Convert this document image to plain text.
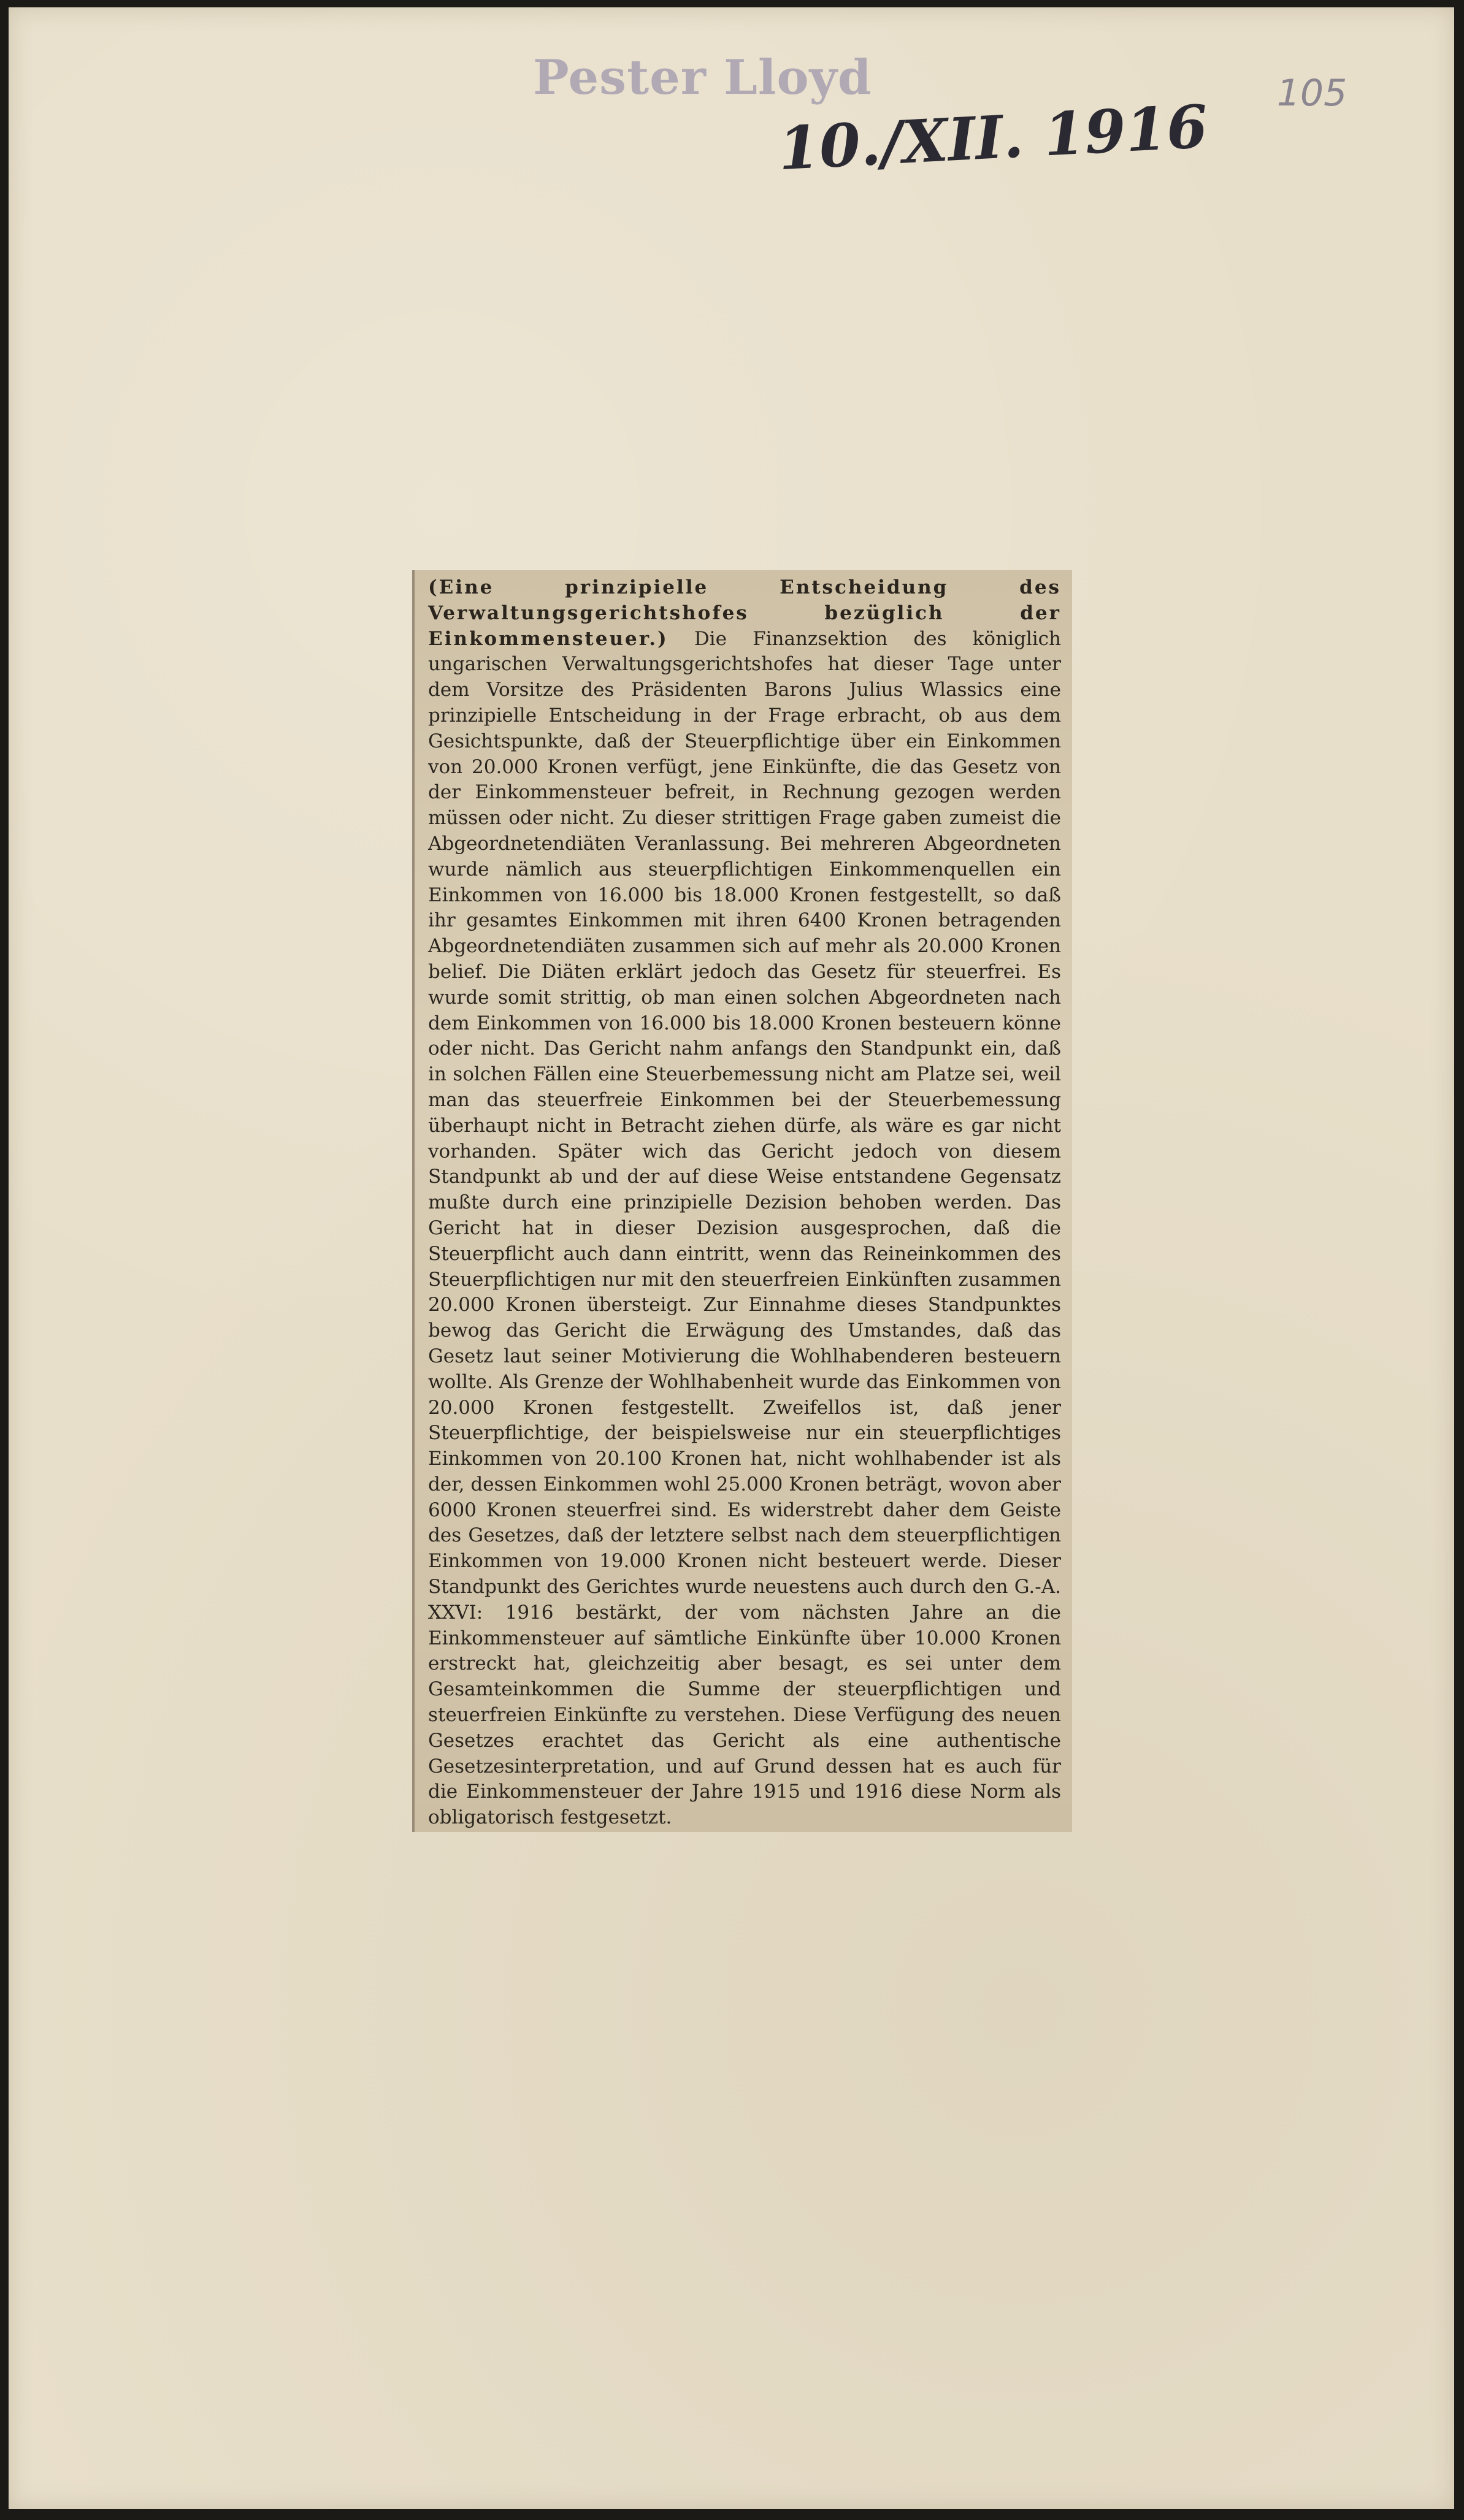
Pester Lloyd
10./XII. 1916	105

(Eine prinzipielle Entscheidung des Verwaltungsgerichtshofes bezüglich der Einkommensteuer.) Die Finanzsektion des königlich ungarischen Verwaltungsgerichtshofes hat dieser Tage unter dem Vorsitze des Präsidenten Barons Julius Wlassics eine prinzipielle Entscheidung in der Frage erbracht, ob aus dem Gesichtspunkte, daß der Steuerpflichtige über ein Einkommen von 20.000 Kronen verfügt, jene Einkünfte, die das Gesetz von der Einkommensteuer befreit, in Rechnung gezogen werden müssen oder nicht. Zu dieser strittigen Frage gaben zumeist die Abgeordnetendiäten Veranlassung. Bei mehreren Abgeordneten wurde nämlich aus steuerpflichtigen Einkommenquellen ein Einkommen von 16.000 bis 18.000 Kronen festgestellt, so daß ihr gesamtes Einkommen mit ihren 6400 Kronen betragenden Abgeordnetendiäten zusammen sich auf mehr als 20.000 Kronen belief. Die Diäten erklärt jedoch das Gesetz für steuerfrei. Es wurde somit strittig, ob man einen solchen Abgeordneten nach dem Einkommen von 16.000 bis 18.000 Kronen besteuern könne oder nicht. Das Gericht nahm anfangs den Standpunkt ein, daß in solchen Fällen eine Steuerbemessung nicht am Platze sei, weil man das steuerfreie Einkommen bei der Steuerbemessung überhaupt nicht in Betracht ziehen dürfe, als wäre es gar nicht vorhanden. Später wich das Gericht jedoch von diesem Standpunkt ab und der auf diese Weise entstandene Gegensatz mußte durch eine prinzipielle Dezision behoben werden. Das Gericht hat in dieser Dezision ausgesprochen, daß die Steuerpflicht auch dann eintritt, wenn das Reineinkommen des Steuerpflichtigen nur mit den steuerfreien Einkünften zusammen 20.000 Kronen übersteigt. Zur Einnahme dieses Standpunktes bewog das Gericht die Erwägung des Umstandes, daß das Gesetz laut seiner Motivierung die Wohlhabenderen besteuern wollte. Als Grenze der Wohlhabenheit wurde das Einkommen von 20.000 Kronen festgestellt. Zweifellos ist, daß jener Steuerpflichtige, der beispielsweise nur ein steuerpflichtiges Einkommen von 20.100 Kronen hat, nicht wohlhabender ist als der, dessen Einkommen wohl 25.000 Kronen beträgt, wovon aber 6000 Kronen steuerfrei sind. Es widerstrebt daher dem Geiste des Gesetzes, daß der letztere selbst nach dem steuerpflichtigen Einkommen von 19.000 Kronen nicht besteuert werde. Dieser Standpunkt des Gerichtes wurde neuestens auch durch den G.-A. XXVI: 1916 bestärkt, der vom nächsten Jahre an die Einkommensteuer auf sämtliche Einkünfte über 10.000 Kronen erstreckt hat, gleichzeitig aber besagt, es sei unter dem Gesamteinkommen die Summe der steuerpflichtigen und steuerfreien Einkünfte zu verstehen. Diese Verfügung des neuen Gesetzes erachtet das Gericht als eine authentische Gesetzesinterpretation, und auf Grund dessen hat es auch für die Einkommensteuer der Jahre 1915 und 1916 diese Norm als obligatorisch festgesetzt.
